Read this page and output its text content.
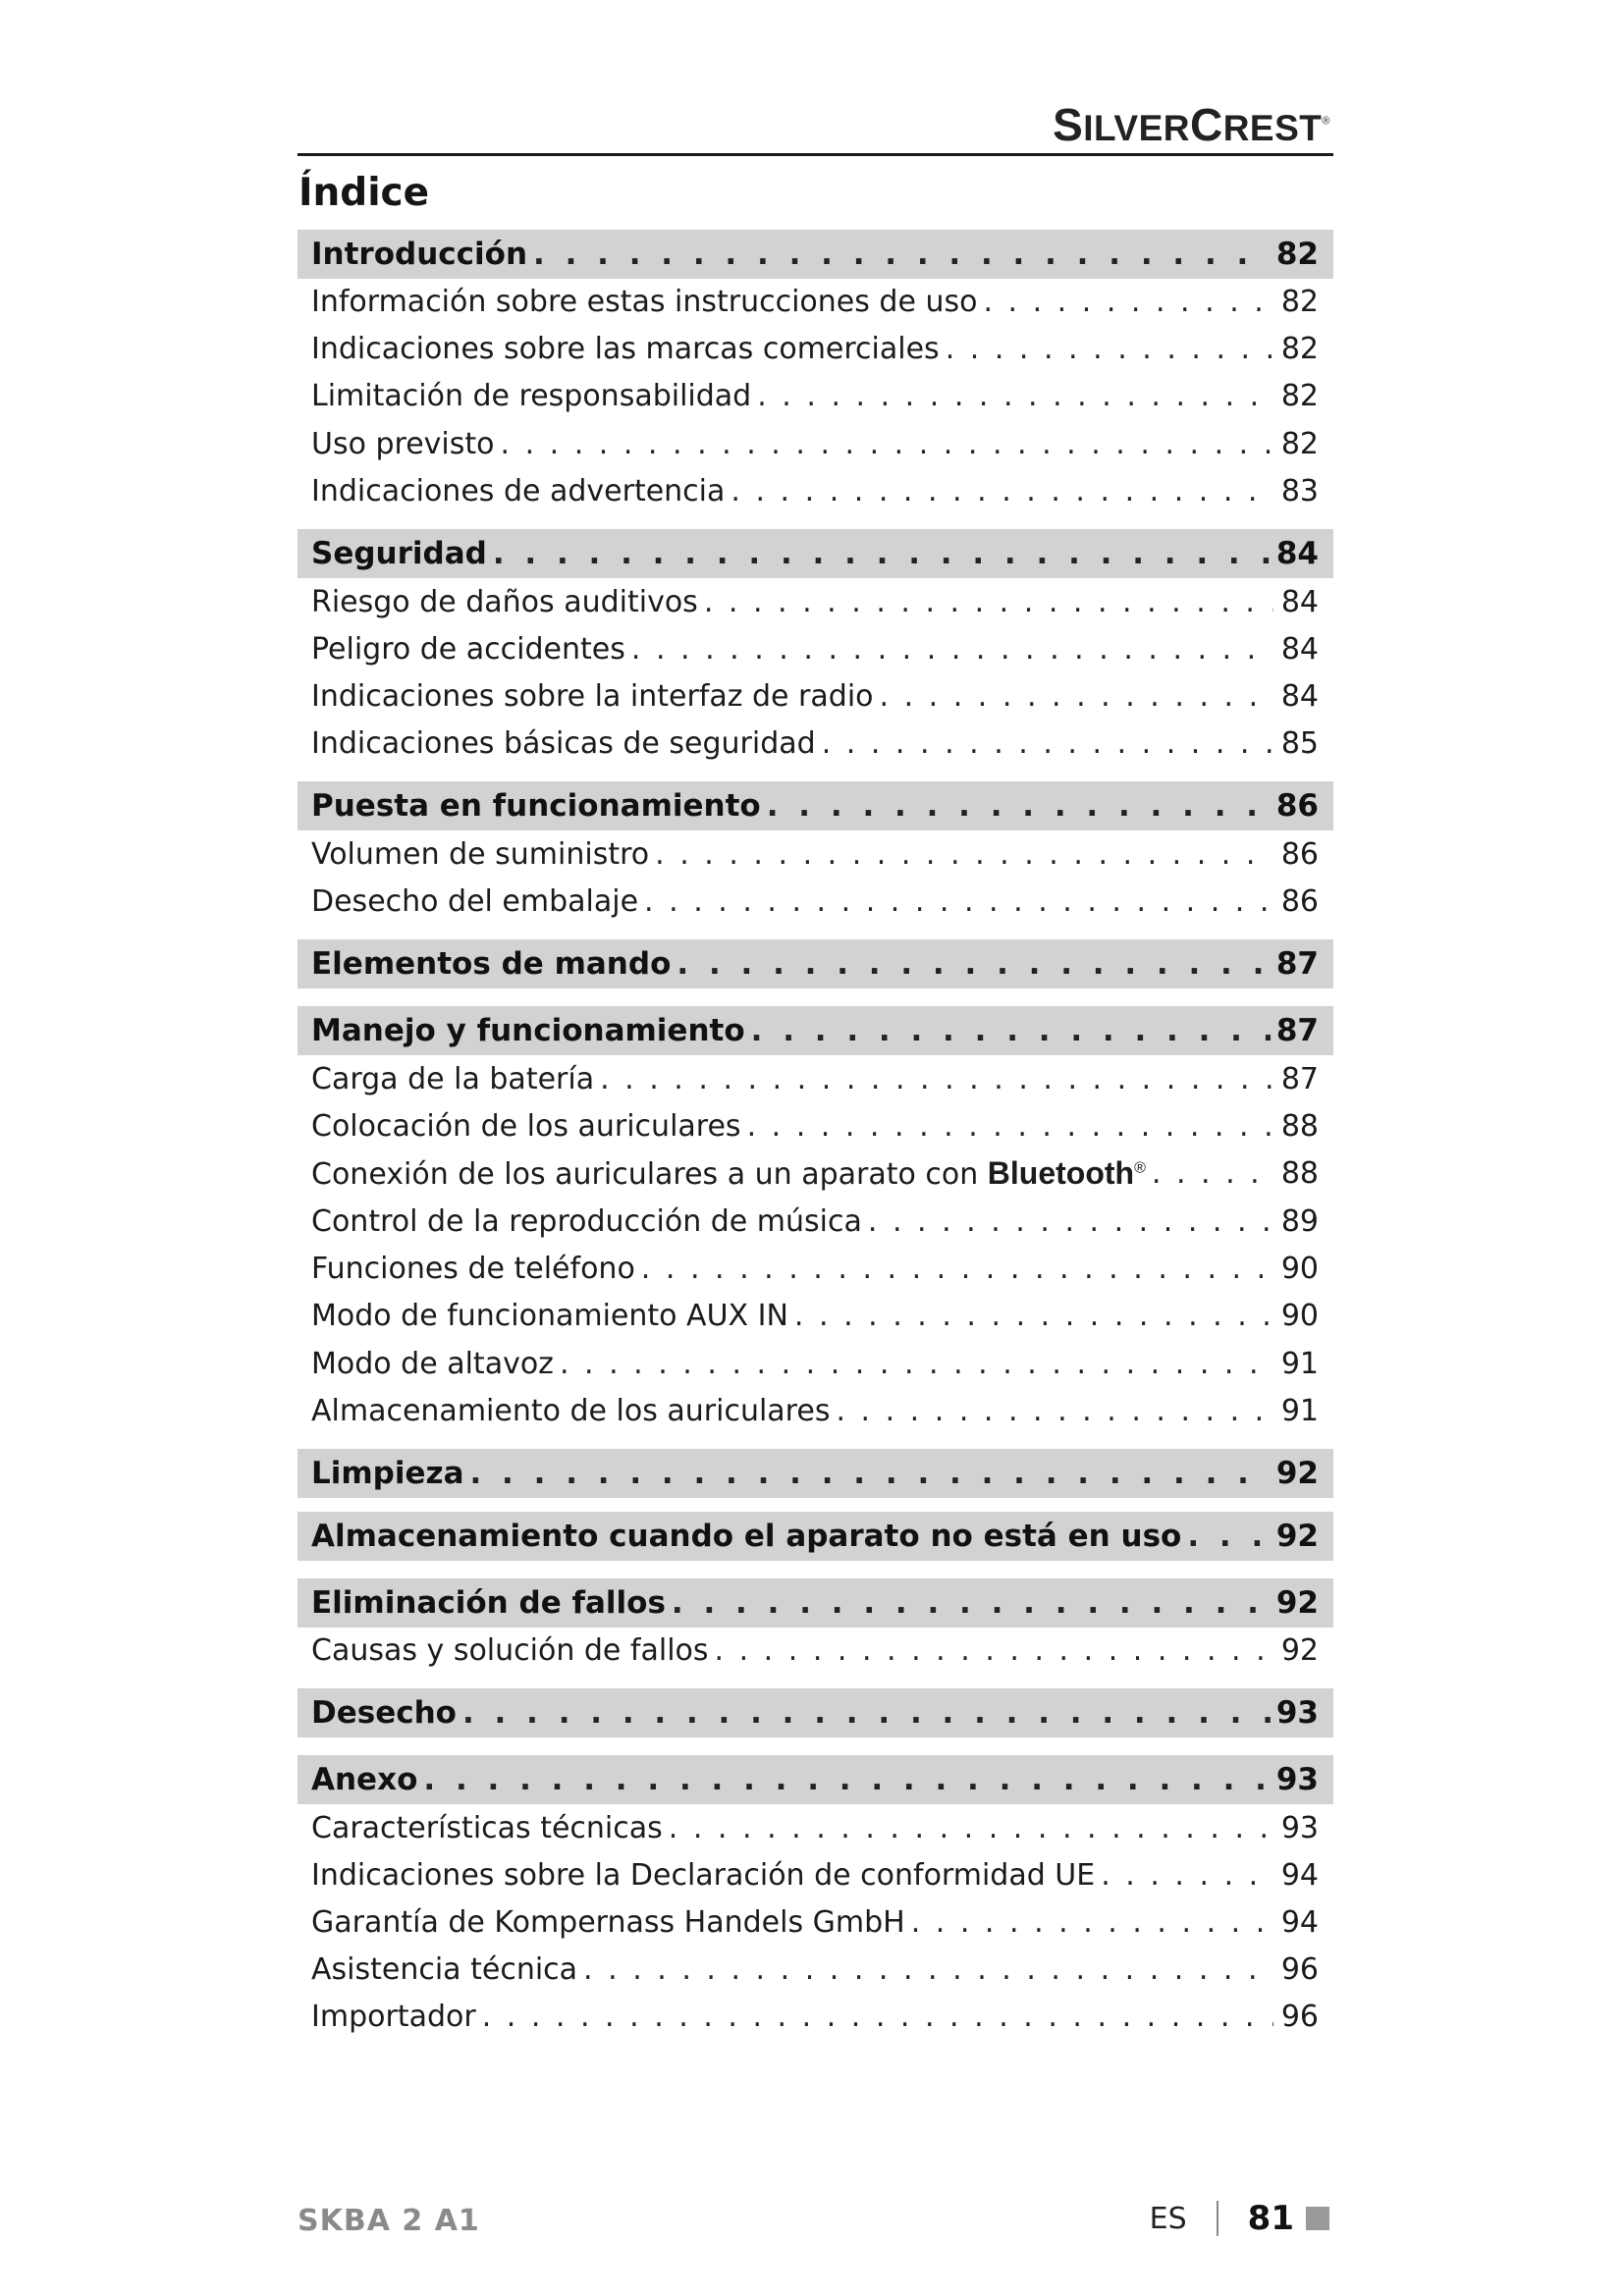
SILVERCREST®
Índice
Introducción . . .	82
Información sobre estas instrucciones de uso . . .	82
Indicaciones sobre las marcas comerciales . . .	82
Limitación de responsabilidad . . .	82
Uso previsto . . .	82
Indicaciones de advertencia . . .	83
Seguridad . . .	84
Riesgo de daños auditivos . . .	84
Peligro de accidentes . . .	84
Indicaciones sobre la interfaz de radio . . .	84
Indicaciones básicas de seguridad . . .	85
Puesta en funcionamiento . . .	86
Volumen de suministro . . .	86
Desecho del embalaje . . .	86
Elementos de mando . . .	87
Manejo y funcionamiento . . .	87
Carga de la batería . . .	87
Colocación de los auriculares . . .	88
Conexión de los auriculares a un aparato con Bluetooth® . . .	88
Control de la reproducción de música . . .	89
Funciones de teléfono . . .	90
Modo de funcionamiento AUX IN . . .	90
Modo de altavoz . . .	91
Almacenamiento de los auriculares . . .	91
Limpieza . . .	92
Almacenamiento cuando el aparato no está en uso . . .	92
Eliminación de fallos . . .	92
Causas y solución de fallos . . .	92
Desecho . . .	93
Anexo . . .	93
Características técnicas . . .	93
Indicaciones sobre la Declaración de conformidad UE . . .	94
Garantía de Kompernass Handels GmbH . . .	94
Asistencia técnica . . .	96
Importador . . .	96
SKBA 2 A1	ES 81
